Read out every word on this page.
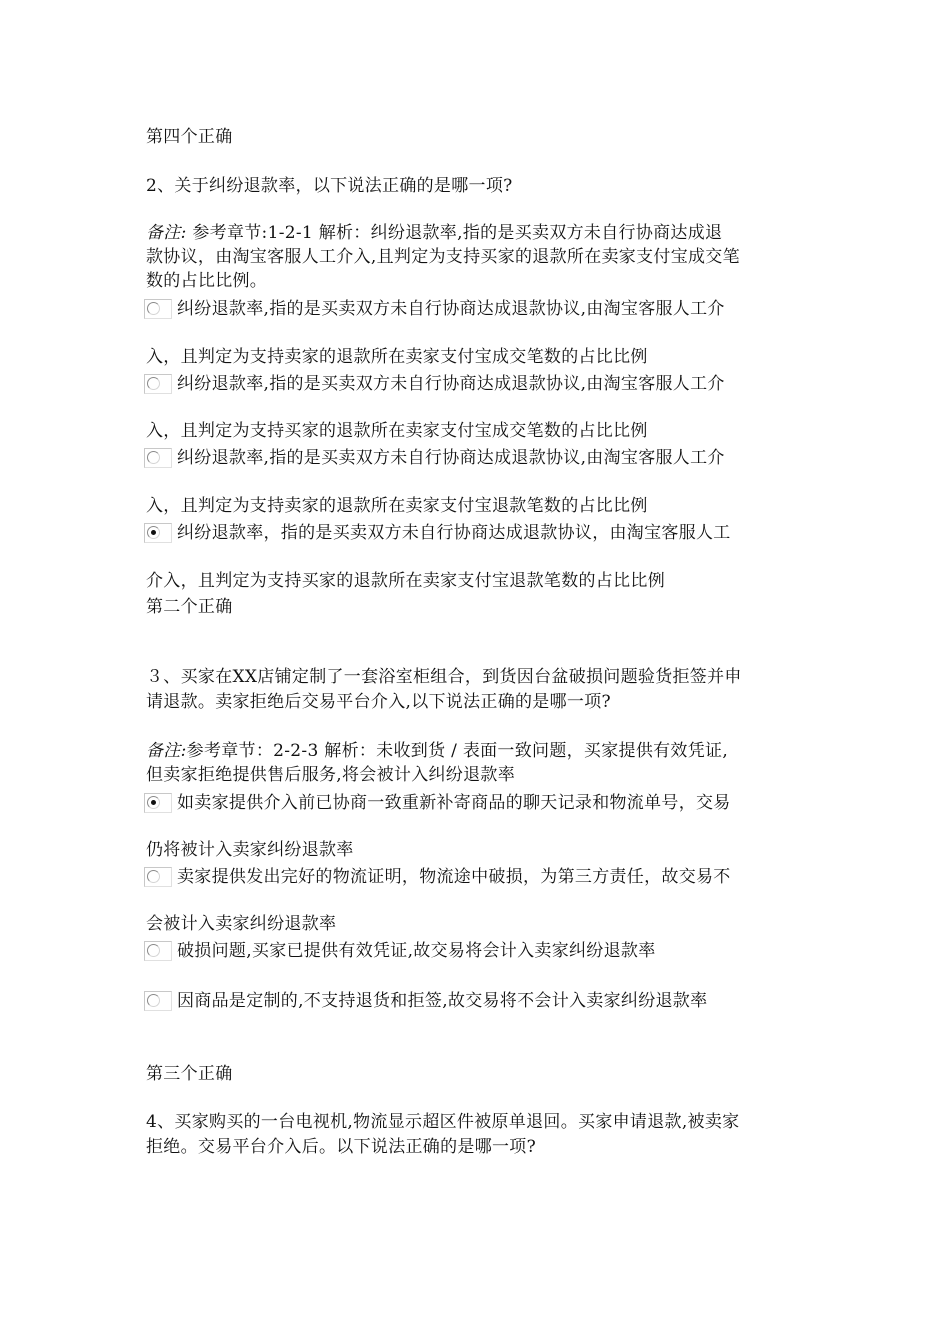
第四个正确
2、关于纠纷退款率，以下说法正确的是哪一项?
备注: 参考章节:1-2-1 解析：纠纷退款率,指的是买卖双方未自行协商达成退
款协议，由淘宝客服人工介入,且判定为支持买家的退款所在卖家支付宝成交笔
数的占比比例。
纠纷退款率,指的是买卖双方未自行协商达成退款协议,由淘宝客服人工介
入，且判定为支持卖家的退款所在卖家支付宝成交笔数的占比比例
纠纷退款率,指的是买卖双方未自行协商达成退款协议,由淘宝客服人工介
入，且判定为支持买家的退款所在卖家支付宝成交笔数的占比比例
纠纷退款率,指的是买卖双方未自行协商达成退款协议,由淘宝客服人工介
入，且判定为支持卖家的退款所在卖家支付宝退款笔数的占比比例
纠纷退款率，指的是买卖双方未自行协商达成退款协议，由淘宝客服人工
介入，且判定为支持买家的退款所在卖家支付宝退款笔数的占比比例
第二个正确
３、买家在XX店铺定制了一套浴室柜组合，到货因台盆破损问题验货拒签并申
请退款。卖家拒绝后交易平台介入,以下说法正确的是哪一项?
备注:参考章节：2-2-3 解析：未收到货 / 表面一致问题，买家提供有效凭证,
但卖家拒绝提供售后服务,将会被计入纠纷退款率
如卖家提供介入前已协商一致重新补寄商品的聊天记录和物流单号，交易
仍将被计入卖家纠纷退款率
卖家提供发出完好的物流证明，物流途中破损，为第三方责任，故交易不
会被计入卖家纠纷退款率
破损问题,买家已提供有效凭证,故交易将会计入卖家纠纷退款率
因商品是定制的,不支持退货和拒签,故交易将不会计入卖家纠纷退款率
第三个正确
4、买家购买的一台电视机,物流显示超区件被原单退回。买家申请退款,被卖家
拒绝。交易平台介入后。以下说法正确的是哪一项?
